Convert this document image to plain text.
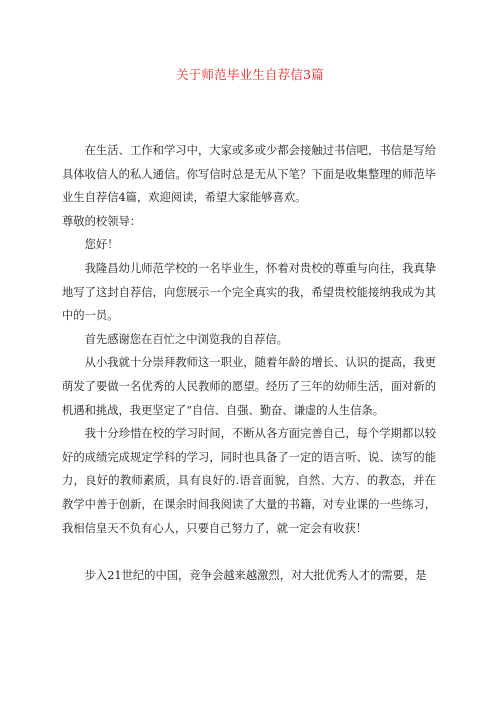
关于师范毕业生自荐信3篇

在生活、工作和学习中，大家或多或少都会接触过书信吧，书信是写给具体收信人的私人通信。你写信时总是无从下笔？下面是收集整理的师范毕业生自荐信4篇，欢迎阅读，希望大家能够喜欢。

尊敬的校领导：

您好！

我隆昌幼儿师范学校的一名毕业生，怀着对贵校的尊重与向往，我真挚地写了这封自荐信，向您展示一个完全真实的我，希望贵校能接纳我成为其中的一员。

首先感谢您在百忙之中浏览我的自荐信。

从小我就十分崇拜教师这一职业，随着年龄的增长、认识的提高，我更萌发了要做一名优秀的人民教师的愿望。经历了三年的幼师生活，面对新的机遇和挑战，我更坚定了“自信、自强、勤奋、谦虚的人生信条。

我十分珍惜在校的学习时间，不断从各方面完善自己，每个学期都以较好的成绩完成规定学科的学习，同时也具备了一定的语言听、说、读写的能力，良好的教师素质，具有良好的.语音面貌，自然、大方、的教态，并在教学中善于创新，在课余时间我阅读了大量的书籍，对专业课的一些练习，我相信皇天不负有心人，只要自己努力了，就一定会有收获！

步入21世纪的中国，竞争会越来越激烈，对大批优秀人才的需要，是
